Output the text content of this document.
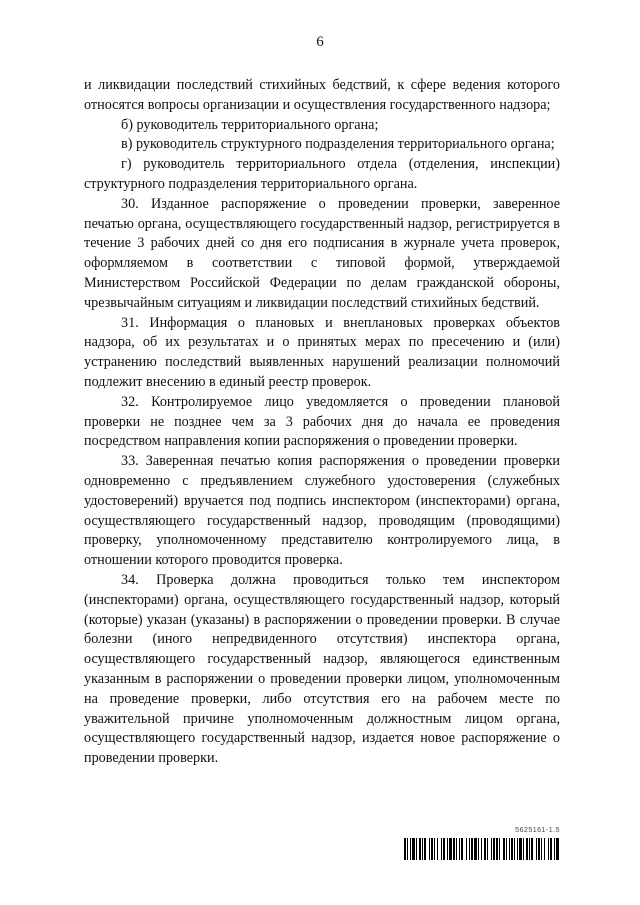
6

и ликвидации последствий стихийных бедствий, к сфере ведения которого относятся вопросы организации и осуществления государственного надзора;

б) руководитель территориального органа;

в) руководитель структурного подразделения территориального органа;

г) руководитель территориального отдела (отделения, инспекции) структурного подразделения территориального органа.

30. Изданное распоряжение о проведении проверки, заверенное печатью органа, осуществляющего государственный надзор, регистрируется в течение 3 рабочих дней со дня его подписания в журнале учета проверок, оформляемом в соответствии с типовой формой, утверждаемой Министерством Российской Федерации по делам гражданской обороны, чрезвычайным ситуациям и ликвидации последствий стихийных бедствий.

31. Информация о плановых и внеплановых проверках объектов надзора, об их результатах и о принятых мерах по пресечению и (или) устранению последствий выявленных нарушений реализации полномочий подлежит внесению в единый реестр проверок.

32. Контролируемое лицо уведомляется о проведении плановой проверки не позднее чем за 3 рабочих дня до начала ее проведения посредством направления копии распоряжения о проведении проверки.

33. Заверенная печатью копия распоряжения о проведении проверки одновременно с предъявлением служебного удостоверения (служебных удостоверений) вручается под подпись инспектором (инспекторами) органа, осуществляющего государственный надзор, проводящим (проводящими) проверку, уполномоченному представителю контролируемого лица, в отношении которого проводится проверка.

34. Проверка должна проводиться только тем инспектором (инспекторами) органа, осуществляющего государственный надзор, который (которые) указан (указаны) в распоряжении о проведении проверки. В случае болезни (иного непредвиденного отсутствия) инспектора органа, осуществляющего государственный надзор, являющегося единственным указанным в распоряжении о проведении проверки лицом, уполномоченным на проведение проверки, либо отсутствия его на рабочем месте по уважительной причине уполномоченным должностным лицом органа, осуществляющего государственный надзор, издается новое распоряжение о проведении проверки.

5625161-1.5
